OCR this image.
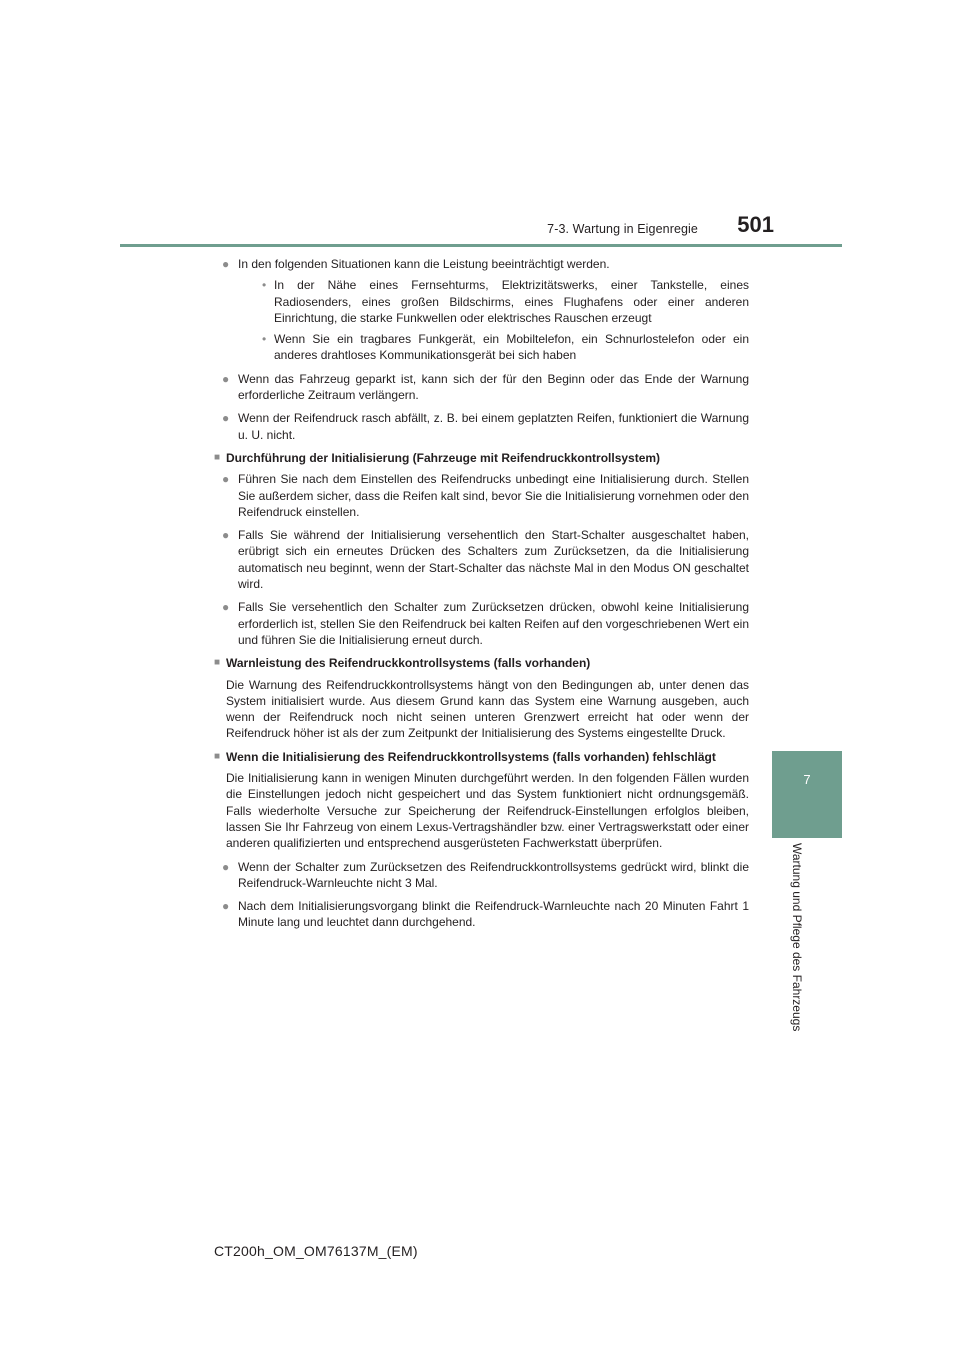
7-3. Wartung in Eigenregie 501
7
Wartung und Pflege des Fahrzeugs
● In den folgenden Situationen kann die Leistung beeinträchtigt werden.
• In der Nähe eines Fernsehturms, Elektrizitätswerks, einer Tankstelle, eines Radiosenders, eines großen Bildschirms, eines Flughafens oder einer anderen Einrichtung, die starke Funkwellen oder elektrisches Rauschen erzeugt
• Wenn Sie ein tragbares Funkgerät, ein Mobiltelefon, ein Schnurlostelefon oder ein anderes drahtloses Kommunikationsgerät bei sich haben
● Wenn das Fahrzeug geparkt ist, kann sich der für den Beginn oder das Ende der Warnung erforderliche Zeitraum verlängern.
● Wenn der Reifendruck rasch abfällt, z. B. bei einem geplatzten Reifen, funktioniert die Warnung u. U. nicht.
■ Durchführung der Initialisierung (Fahrzeuge mit Reifendruckkontrollsystem)
● Führen Sie nach dem Einstellen des Reifendrucks unbedingt eine Initialisierung durch. Stellen Sie außerdem sicher, dass die Reifen kalt sind, bevor Sie die Initialisierung vornehmen oder den Reifendruck einstellen.
● Falls Sie während der Initialisierung versehentlich den Start-Schalter ausgeschaltet haben, erübrigt sich ein erneutes Drücken des Schalters zum Zurücksetzen, da die Initialisierung automatisch neu beginnt, wenn der Start-Schalter das nächste Mal in den Modus ON geschaltet wird.
● Falls Sie versehentlich den Schalter zum Zurücksetzen drücken, obwohl keine Initialisierung erforderlich ist, stellen Sie den Reifendruck bei kalten Reifen auf den vorgeschriebenen Wert ein und führen Sie die Initialisierung erneut durch.
■ Warnleistung des Reifendruckkontrollsystems (falls vorhanden)
Die Warnung des Reifendruckkontrollsystems hängt von den Bedingungen ab, unter denen das System initialisiert wurde. Aus diesem Grund kann das System eine Warnung ausgeben, auch wenn der Reifendruck noch nicht seinen unteren Grenzwert erreicht hat oder wenn der Reifendruck höher ist als der zum Zeitpunkt der Initialisierung des Systems eingestellte Druck.
■ Wenn die Initialisierung des Reifendruckkontrollsystems (falls vorhanden) fehlschlägt
Die Initialisierung kann in wenigen Minuten durchgeführt werden. In den folgenden Fällen wurden die Einstellungen jedoch nicht gespeichert und das System funktioniert nicht ordnungsgemäß. Falls wiederholte Versuche zur Speicherung der Reifendruck-Einstellungen erfolglos bleiben, lassen Sie Ihr Fahrzeug von einem Lexus-Vertragshändler bzw. einer Vertragswerkstatt oder einer anderen qualifizierten und entsprechend ausgerüsteten Fachwerkstatt überprüfen.
● Wenn der Schalter zum Zurücksetzen des Reifendruckkontrollsystems gedrückt wird, blinkt die Reifendruck-Warnleuchte nicht 3 Mal.
● Nach dem Initialisierungsvorgang blinkt die Reifendruck-Warnleuchte nach 20 Minuten Fahrt 1 Minute lang und leuchtet dann durchgehend.
CT200h_OM_OM76137M_(EM)
